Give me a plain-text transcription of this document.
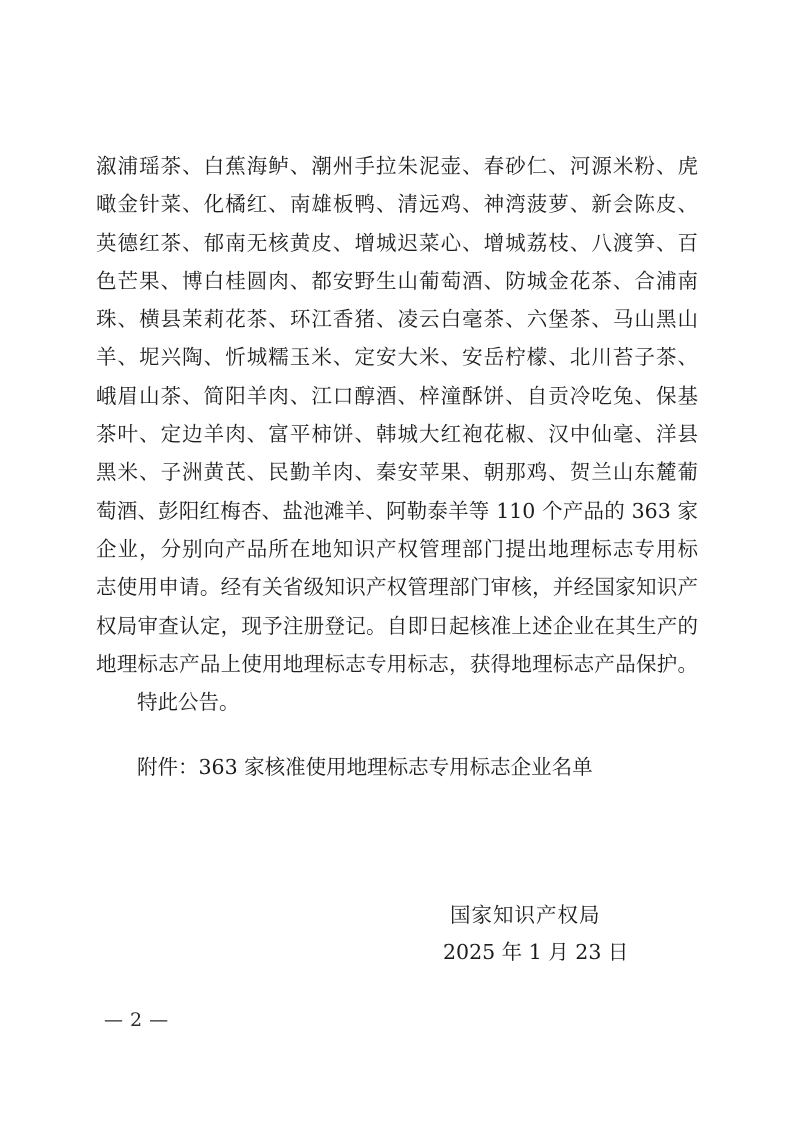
溆浦瑶茶、白蕉海鲈、潮州手拉朱泥壶、春砂仁、河源米粉、虎
噉金针菜、化橘红、南雄板鸭、清远鸡、神湾菠萝、新会陈皮、
英德红茶、郁南无核黄皮、增城迟菜心、增城荔枝、八渡笋、百
色芒果、博白桂圆肉、都安野生山葡萄酒、防城金花茶、合浦南
珠、横县茉莉花茶、环江香猪、凌云白毫茶、六堡茶、马山黑山
羊、坭兴陶、忻城糯玉米、定安大米、安岳柠檬、北川苔子茶、
峨眉山茶、简阳羊肉、江口醇酒、梓潼酥饼、自贡冷吃兔、保基
茶叶、定边羊肉、富平柿饼、韩城大红袍花椒、汉中仙毫、洋县
黑米、子洲黄芪、民勤羊肉、秦安苹果、朝那鸡、贺兰山东麓葡
萄酒、彭阳红梅杏、盐池滩羊、阿勒泰羊等 110 个产品的 363 家
企业，分别向产品所在地知识产权管理部门提出地理标志专用标
志使用申请。经有关省级知识产权管理部门审核，并经国家知识产
权局审查认定，现予注册登记。自即日起核准上述企业在其生产的
地理标志产品上使用地理标志专用标志，获得地理标志产品保护。
特此公告。
附件：363 家核准使用地理标志专用标志企业名单
国家知识产权局
2025 年 1 月 23 日
— 2 —
